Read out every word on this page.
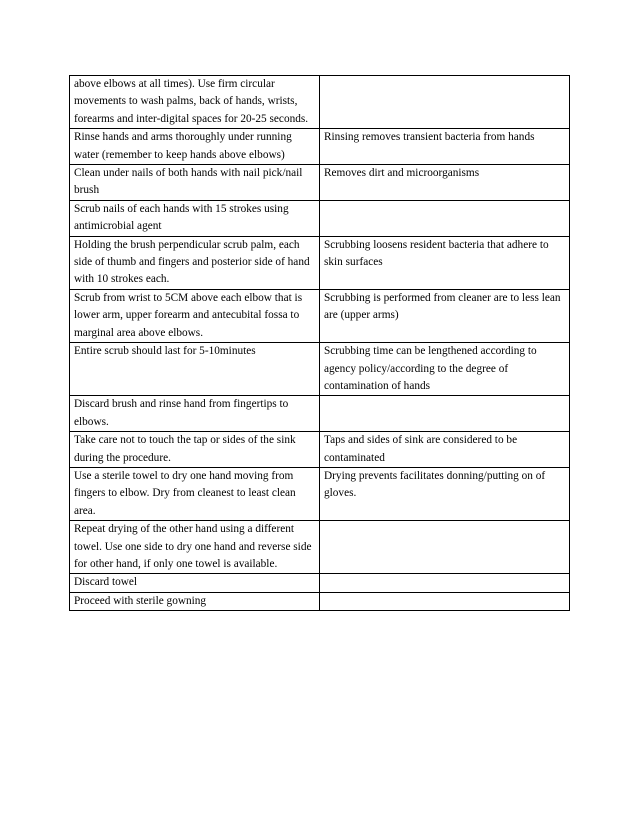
above elbows at all times). Use firm circular movements to wash palms, back of hands, wrists, forearms and inter-digital spaces for 20-25 seconds.	
Rinse hands and arms thoroughly under running water (remember to keep hands above elbows)	Rinsing removes transient bacteria from hands
Clean under nails of both hands with nail pick/nail brush	Removes dirt and microorganisms
Scrub nails of each hands with 15 strokes using antimicrobial agent	
Holding the brush perpendicular scrub palm, each side of thumb and fingers and posterior side of hand with 10 strokes each.	Scrubbing loosens resident bacteria that adhere to skin surfaces
Scrub from wrist to 5CM above each elbow that is lower arm, upper forearm and antecubital fossa to marginal area above elbows.	Scrubbing is performed from cleaner are to less lean are (upper arms)
Entire scrub should last for 5-10minutes	Scrubbing time can be lengthened according to agency policy/according to the degree of contamination of hands
Discard brush and rinse hand from fingertips to elbows.	
Take care not to touch the tap or sides of the sink during the procedure.	Taps and sides of sink are considered to be contaminated
Use a sterile towel to dry one hand moving from fingers to elbow. Dry from cleanest to least clean area.	Drying prevents facilitates donning/putting on of gloves.
Repeat drying of the other hand using a different towel. Use one side to dry one hand and reverse side for other hand, if only one towel is available.	
Discard towel	
Proceed with sterile gowning	
